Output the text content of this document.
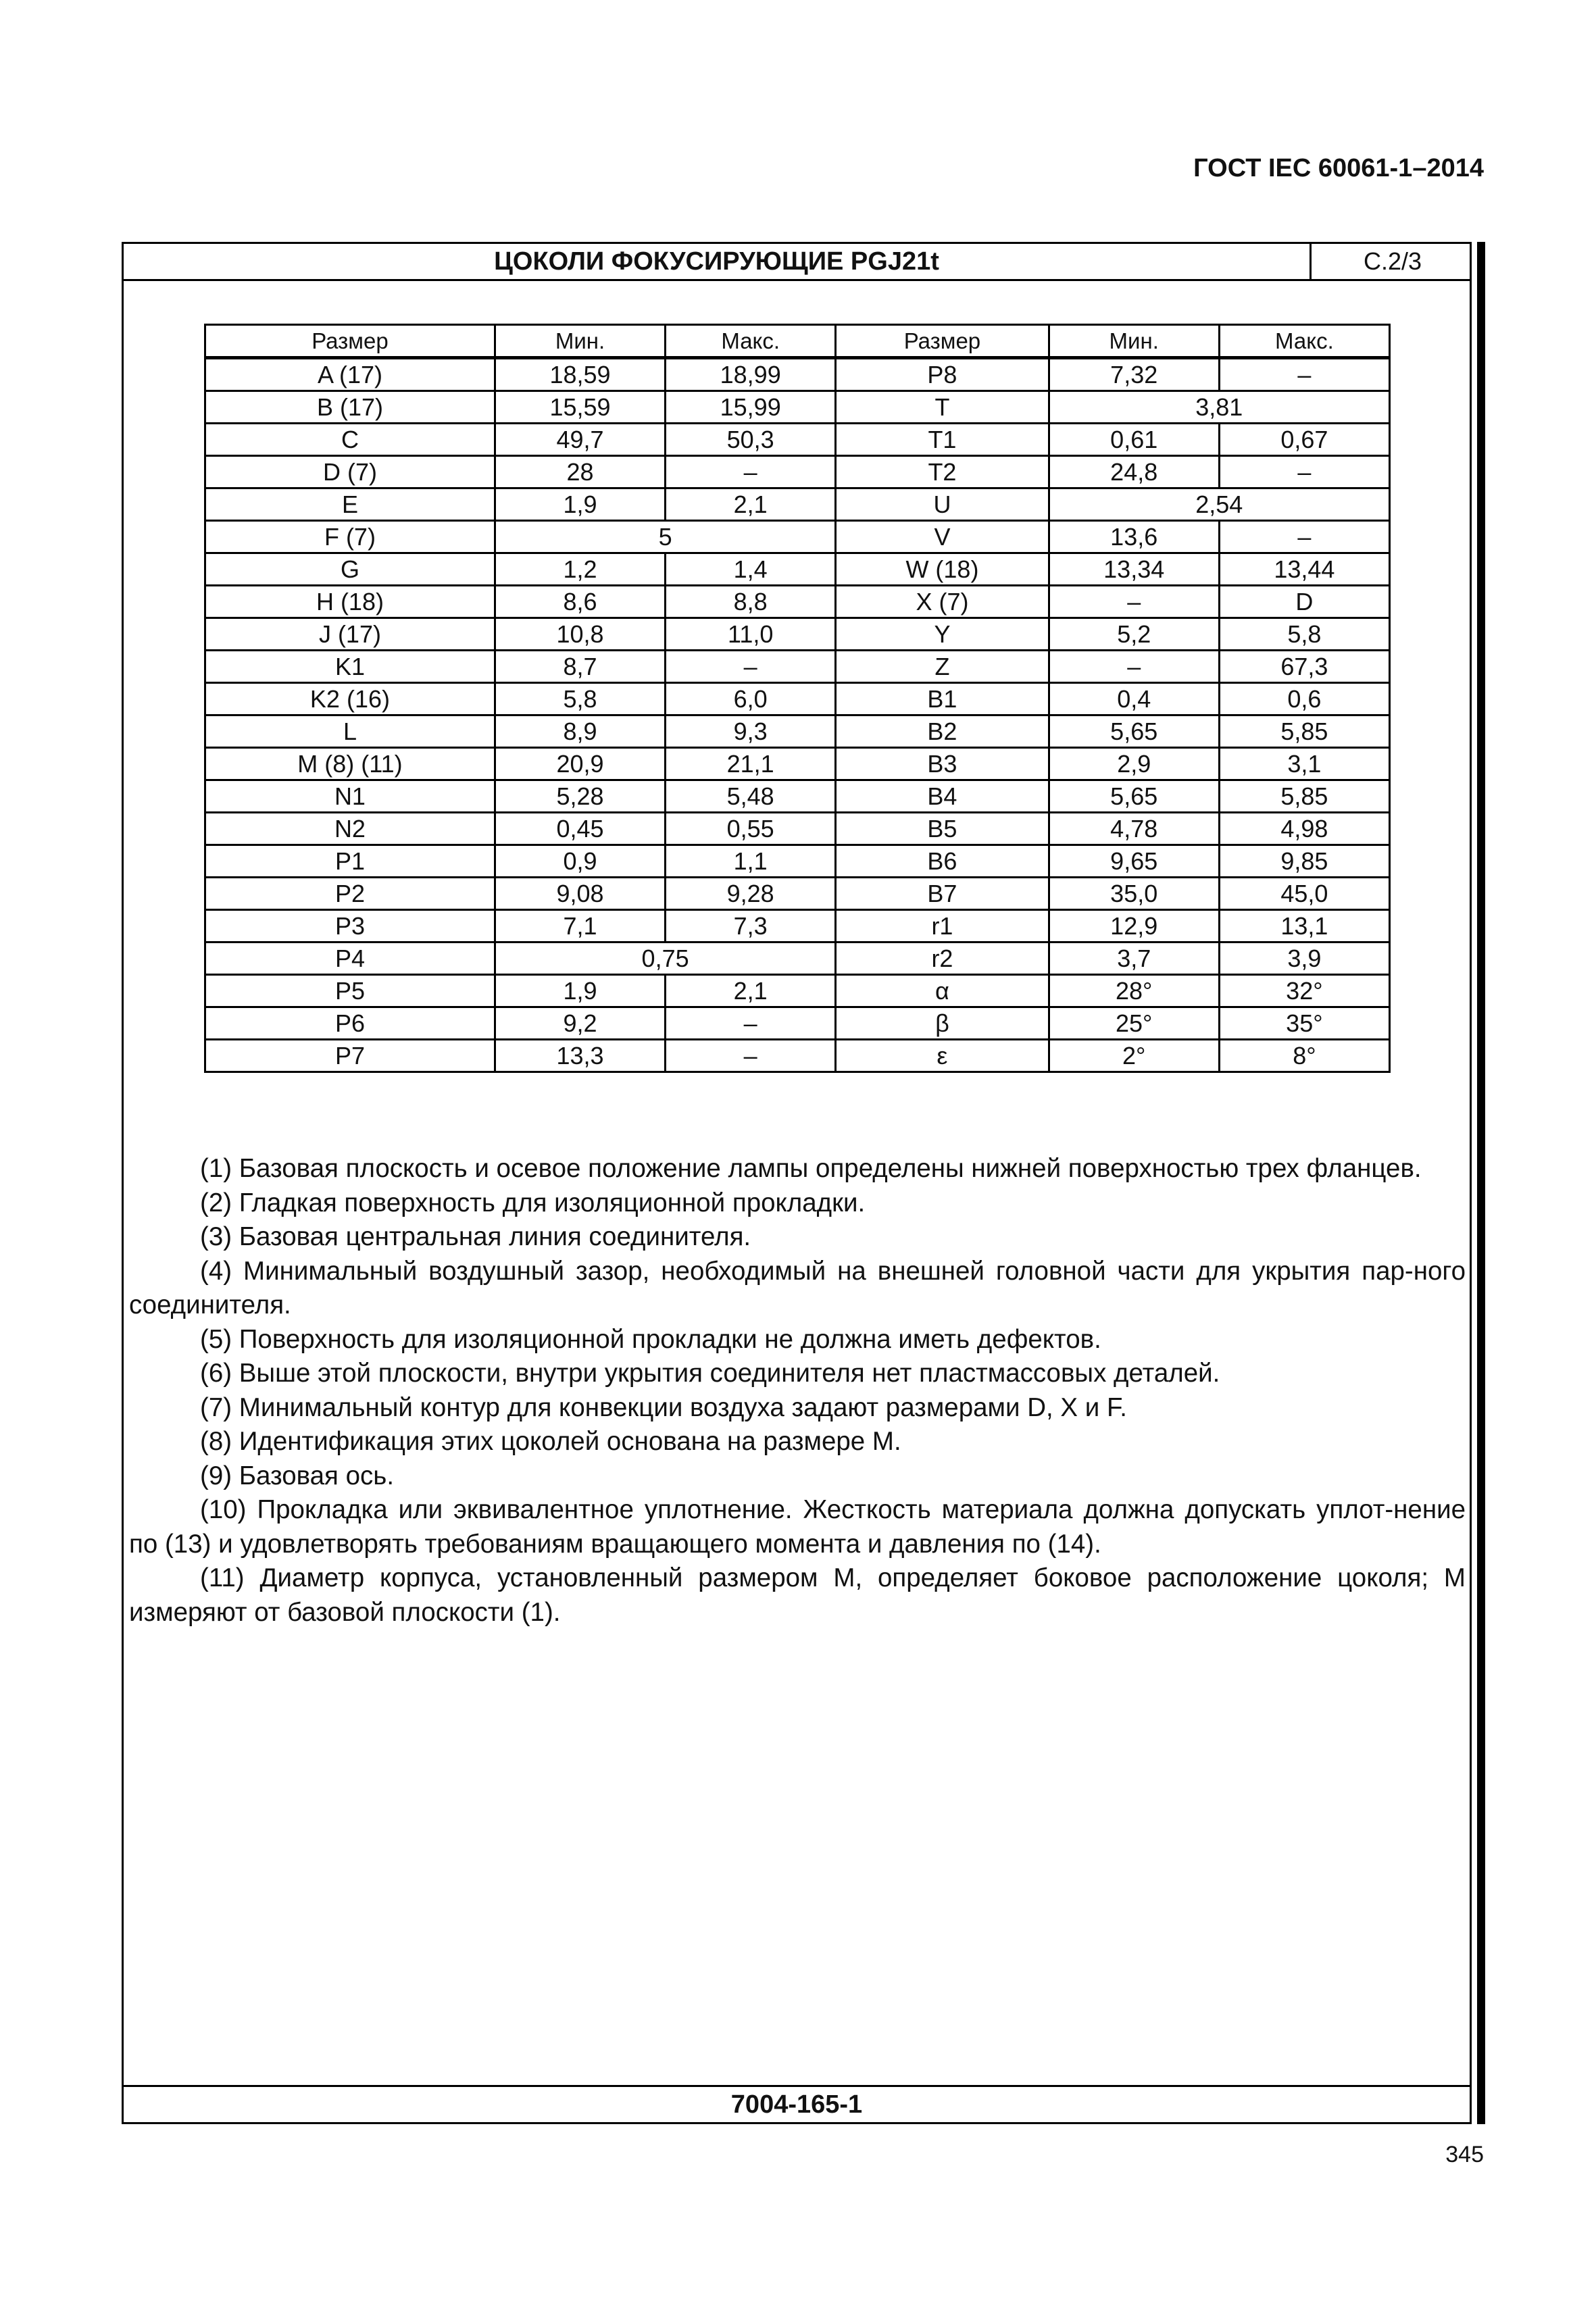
ГОСТ IEC 60061-1–2014
ЦОКОЛИ ФОКУСИРУЮЩИЕ PGJ21t	С.2/3
Размер	Мин.	Макс.	Размер	Мин.	Макс.
A (17)	18,59	18,99	P8	7,32	–
B (17)	15,59	15,99	T	3,81	
C	49,7	50,3	T1	0,61	0,67
D (7)	28	–	T2	24,8	–
E	1,9	2,1	U	2,54	
F (7)	5		V	13,6	–
G	1,2	1,4	W (18)	13,34	13,44
H (18)	8,6	8,8	X (7)	–	D
J (17)	10,8	11,0	Y	5,2	5,8
K1	8,7	–	Z	–	67,3
K2 (16)	5,8	6,0	B1	0,4	0,6
L	8,9	9,3	B2	5,65	5,85
M (8) (11)	20,9	21,1	B3	2,9	3,1
N1	5,28	5,48	B4	5,65	5,85
N2	0,45	0,55	B5	4,78	4,98
P1	0,9	1,1	B6	9,65	9,85
P2	9,08	9,28	B7	35,0	45,0
P3	7,1	7,3	r1	12,9	13,1
P4	0,75		r2	3,7	3,9
P5	1,9	2,1	α	28°	32°
P6	9,2	–	β	25°	35°
P7	13,3	–	ε	2°	8°

(1) Базовая плоскость и осевое положение лампы определены нижней поверхностью трех фланцев.

(2) Гладкая поверхность для изоляционной прокладки.

(3) Базовая центральная линия соединителя.

(4) Минимальный воздушный зазор, необходимый на внешней головной части для укрытия пар-ного соединителя.

(5) Поверхность для изоляционной прокладки не должна иметь дефектов.

(6) Выше этой плоскости, внутри укрытия соединителя нет пластмассовых деталей.

(7) Минимальный контур для конвекции воздуха задают размерами D, X и F.

(8) Идентификация этих цоколей основана на размере M.

(9) Базовая ось.

(10) Прокладка или эквивалентное уплотнение. Жесткость материала должна допускать уплот-нение по (13) и удовлетворять требованиям вращающего момента и давления по (14).

(11) Диаметр корпуса, установленный размером M, определяет боковое расположение цоколя; M измеряют от базовой плоскости (1).

7004-165-1
345
